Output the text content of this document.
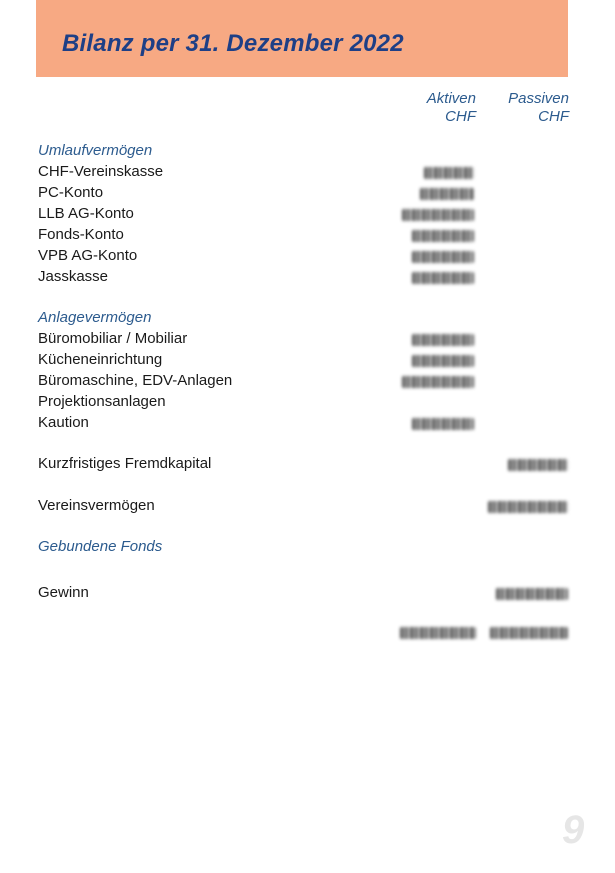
Bilanz per 31. Dezember 2022
Aktiven
CHF
Passiven
CHF
Umlaufvermögen
CHF-Vereinskasse
PC-Konto
LLB AG-Konto
Fonds-Konto
VPB AG-Konto
Jasskasse
Anlagevermögen
Büromobiliar / Mobiliar
Kücheneinrichtung
Büromaschine, EDV-Anlagen
Projektionsanlagen
Kaution
Kurzfristiges Fremdkapital
Vereinsvermögen
Gebundene Fonds
Gewinn
9
